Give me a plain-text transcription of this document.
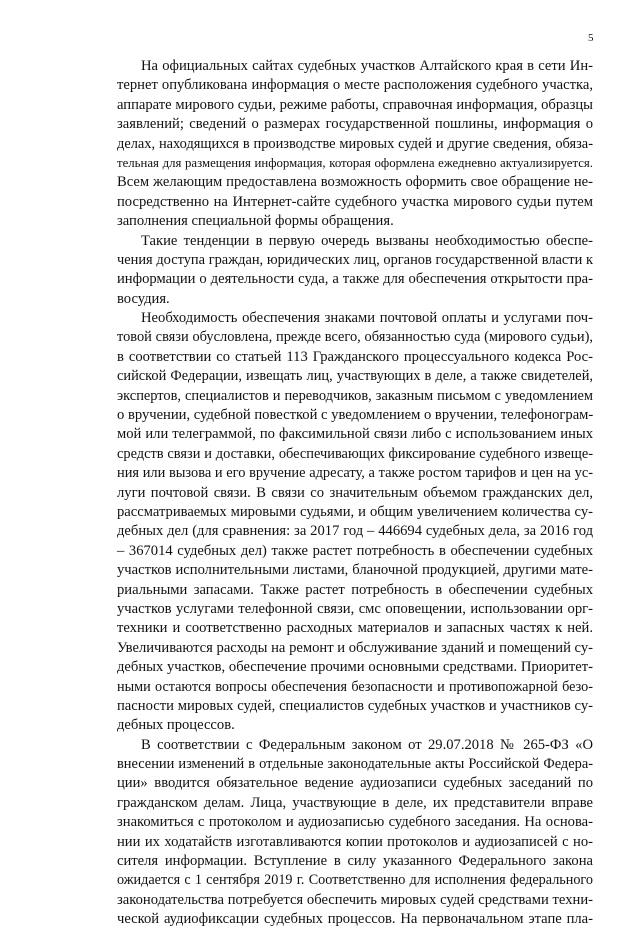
5
На официальных сайтах судебных участков Алтайского края в сети Ин-
тернет опубликована информация о месте расположения судебного участка,
аппарате мирового судьи, режиме работы, справочная информация, образцы
заявлений; сведений о размерах государственной пошлины, информация о
делах, находящихся в производстве мировых судей и другие сведения, обяза-
тельная для размещения информация, которая оформлена ежедневно актуализируется.
Всем желающим предоставлена возможность оформить свое обращение не-
посредственно на Интернет-сайте судебного участка мирового судьи путем
заполнения специальной формы обращения.
Такие тенденции в первую очередь вызваны необходимостью обеспе-
чения доступа граждан, юридических лиц, органов государственной власти к
информации о деятельности суда, а также для обеспечения открытости пра-
восудия.
Необходимость обеспечения знаками почтовой оплаты и услугами поч-
товой связи обусловлена, прежде всего, обязанностью суда (мирового судьи),
в соответствии со статьей 113 Гражданского процессуального кодекса Рос-
сийской Федерации, извещать лиц, участвующих в деле, а также свидетелей,
экспертов, специалистов и переводчиков, заказным письмом с уведомлением
о вручении, судебной повесткой с уведомлением о вручении, телефонограм-
мой или телеграммой, по факсимильной связи либо с использованием иных
средств связи и доставки, обеспечивающих фиксирование судебного извеще-
ния или вызова и его вручение адресату, а также ростом тарифов и цен на ус-
луги почтовой связи. В связи со значительным объемом гражданских дел,
рассматриваемых мировыми судьями, и общим увеличением количества су-
дебных дел (для сравнения: за 2017 год – 446694 судебных дела, за 2016 год
– 367014 судебных дел) также растет потребность в обеспечении судебных
участков исполнительными листами, бланочной продукцией, другими мате-
риальными запасами. Также растет потребность в обеспечении судебных
участков услугами телефонной связи, смс оповещении, использовании орг-
техники и соответственно расходных материалов и запасных частях к ней.
Увеличиваются расходы на ремонт и обслуживание зданий и помещений су-
дебных участков, обеспечение прочими основными средствами. Приоритет-
ными остаются вопросы обеспечения безопасности и противопожарной безо-
пасности мировых судей, специалистов судебных участков и участников су-
дебных процессов.
В соответствии с Федеральным законом от 29.07.2018 № 265-ФЗ «О
внесении изменений в отдельные законодательные акты Российской Федера-
ции» вводится обязательное ведение аудиозаписи судебных заседаний по
гражданском делам. Лица, участвующие в деле, их представители вправе
знакомиться с протоколом и аудиозаписью судебного заседания. На основа-
нии их ходатайств изготавливаются копии протоколов и аудиозаписей с но-
сителя информации. Вступление в силу указанного Федерального закона
ожидается с 1 сентября 2019 г. Соответственно для исполнения федерального
законодательства потребуется обеспечить мировых судей средствами техни-
ческой аудиофиксации судебных процессов. На первоначальном этапе пла-
